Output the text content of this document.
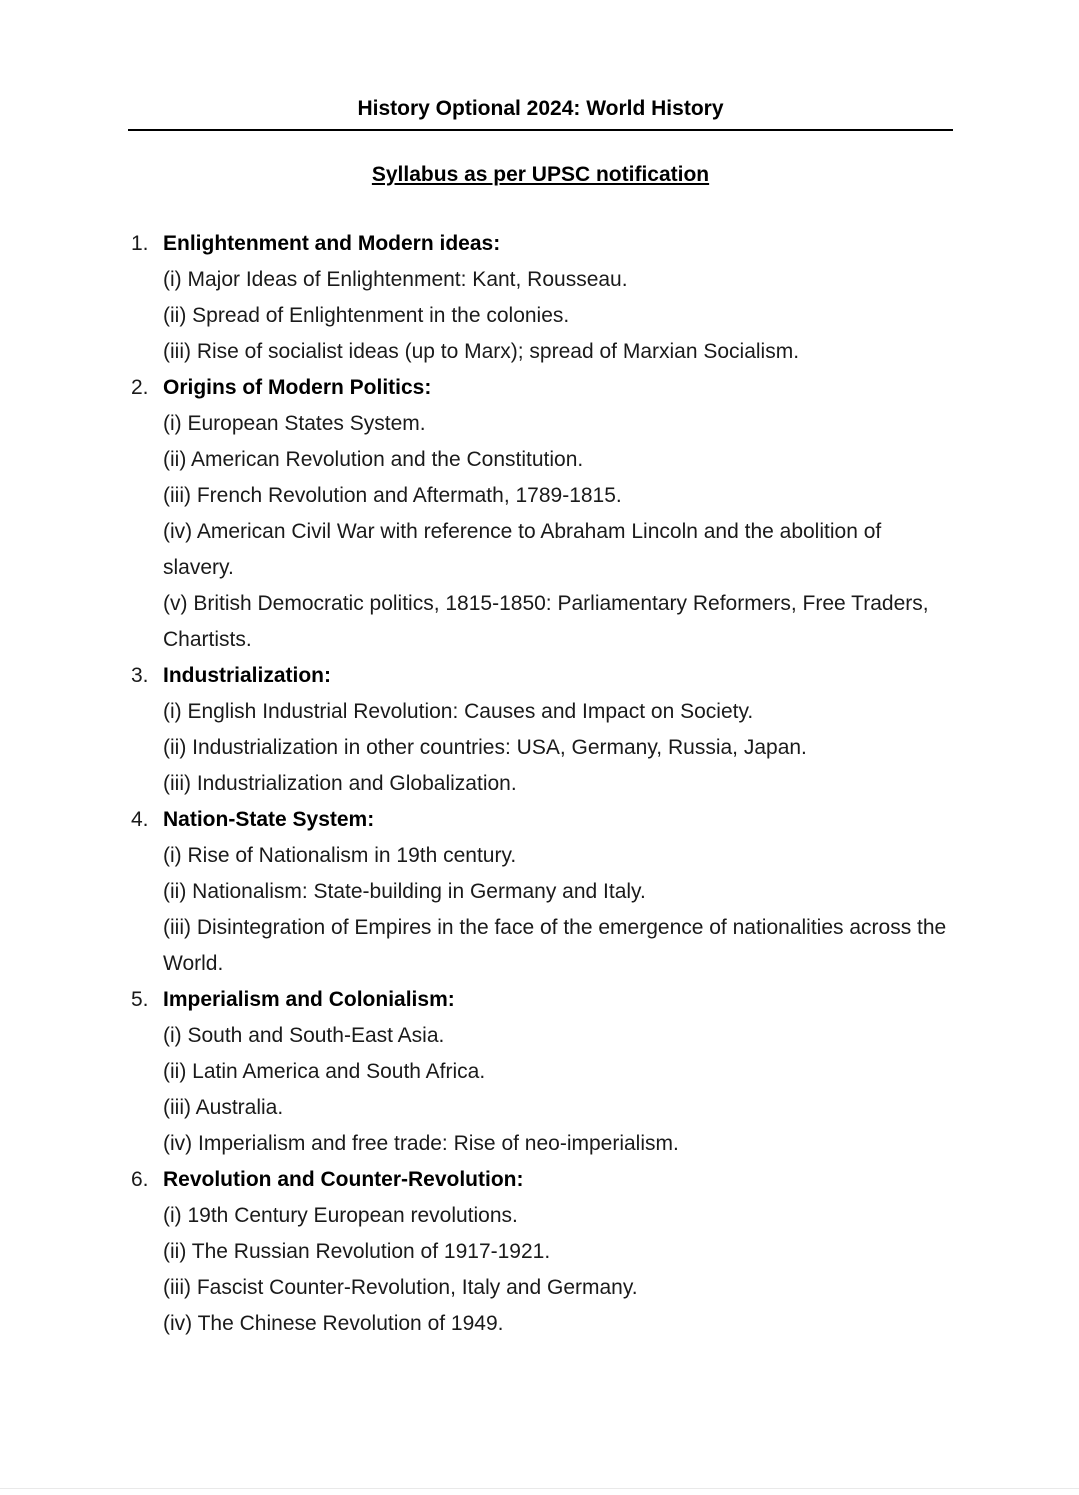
History Optional 2024: World History
Syllabus as per UPSC notification
1. Enlightenment and Modern ideas:
(i) Major Ideas of Enlightenment: Kant, Rousseau.
(ii) Spread of Enlightenment in the colonies.
(iii) Rise of socialist ideas (up to Marx); spread of Marxian Socialism.
2. Origins of Modern Politics:
(i) European States System.
(ii) American Revolution and the Constitution.
(iii) French Revolution and Aftermath, 1789-1815.
(iv) American Civil War with reference to Abraham Lincoln and the abolition of slavery.
(v) British Democratic politics, 1815-1850: Parliamentary Reformers, Free Traders, Chartists.
3. Industrialization:
(i) English Industrial Revolution: Causes and Impact on Society.
(ii) Industrialization in other countries: USA, Germany, Russia, Japan.
(iii) Industrialization and Globalization.
4. Nation-State System:
(i) Rise of Nationalism in 19th century.
(ii) Nationalism: State-building in Germany and Italy.
(iii) Disintegration of Empires in the face of the emergence of nationalities across the World.
5. Imperialism and Colonialism:
(i) South and South-East Asia.
(ii) Latin America and South Africa.
(iii) Australia.
(iv) Imperialism and free trade: Rise of neo-imperialism.
6. Revolution and Counter-Revolution:
(i) 19th Century European revolutions.
(ii) The Russian Revolution of 1917-1921.
(iii) Fascist Counter-Revolution, Italy and Germany.
(iv) The Chinese Revolution of 1949.
